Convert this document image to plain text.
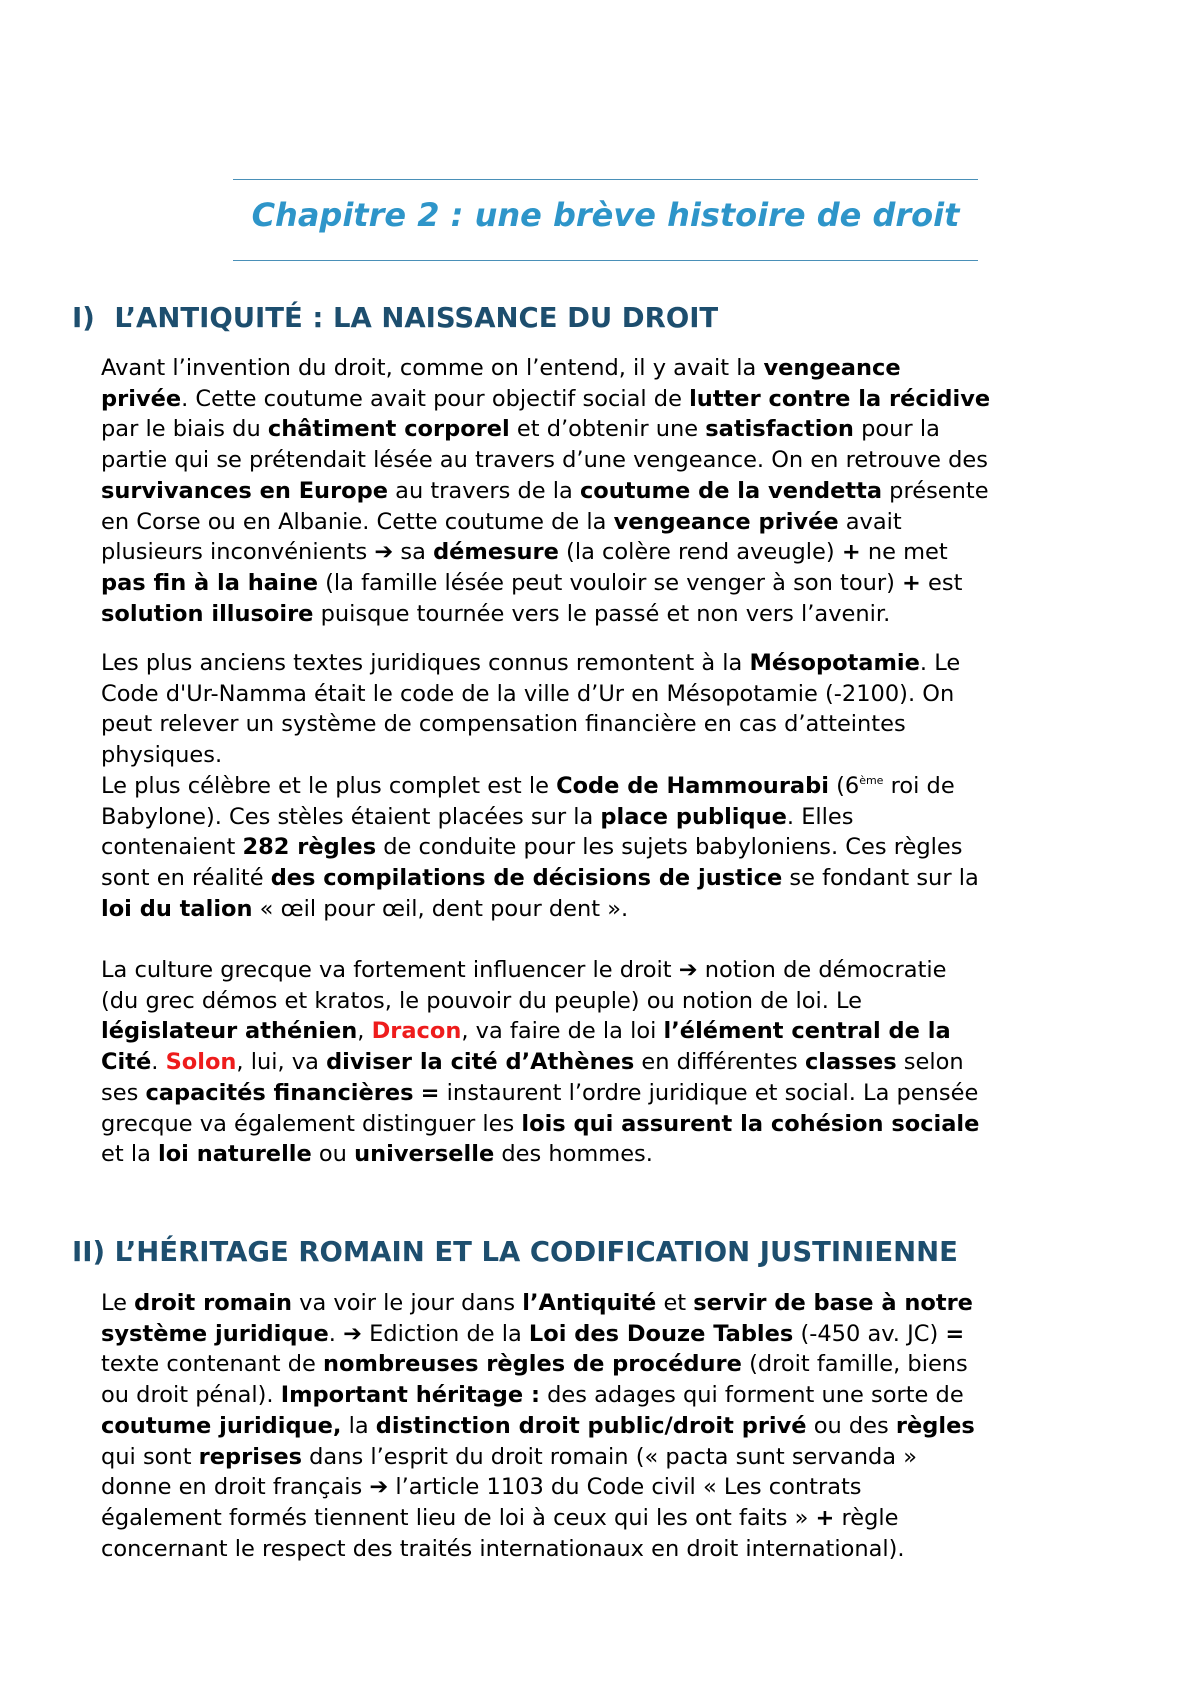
Chapitre 2 : une brève histoire de droit
I) L’ANTIQUITÉ : LA NAISSANCE DU DROIT
Avant l’invention du droit, comme on l’entend, il y avait la vengeance
privée. Cette coutume avait pour objectif social de lutter contre la récidive
par le biais du châtiment corporel et d’obtenir une satisfaction pour la
partie qui se prétendait lésée au travers d’une vengeance. On en retrouve des
survivances en Europe au travers de la coutume de la vendetta présente
en Corse ou en Albanie. Cette coutume de la vengeance privée avait
plusieurs inconvénients ➔ sa démesure (la colère rend aveugle) + ne met
pas fin à la haine (la famille lésée peut vouloir se venger à son tour) + est
solution illusoire puisque tournée vers le passé et non vers l’avenir.
Les plus anciens textes juridiques connus remontent à la Mésopotamie. Le
Code d'Ur-Namma était le code de la ville d’Ur en Mésopotamie (-2100). On
peut relever un système de compensation financière en cas d’atteintes
physiques.
Le plus célèbre et le plus complet est le Code de Hammourabi (6ème roi de
Babylone). Ces stèles étaient placées sur la place publique. Elles
contenaient 282 règles de conduite pour les sujets babyloniens. Ces règles
sont en réalité des compilations de décisions de justice se fondant sur la
loi du talion « œil pour œil, dent pour dent ».
La culture grecque va fortement influencer le droit ➔ notion de démocratie
(du grec démos et kratos, le pouvoir du peuple) ou notion de loi. Le
législateur athénien, Dracon, va faire de la loi l’élément central de la
Cité. Solon, lui, va diviser la cité d’Athènes en différentes classes selon
ses capacités financières = instaurent l’ordre juridique et social. La pensée
grecque va également distinguer les lois qui assurent la cohésion sociale
et la loi naturelle ou universelle des hommes.
II) L’HÉRITAGE ROMAIN ET LA CODIFICATION JUSTINIENNE
Le droit romain va voir le jour dans l’Antiquité et servir de base à notre
système juridique. ➔ Ediction de la Loi des Douze Tables (-450 av. JC) =
texte contenant de nombreuses règles de procédure (droit famille, biens
ou droit pénal). Important héritage : des adages qui forment une sorte de
coutume juridique, la distinction droit public/droit privé ou des règles
qui sont reprises dans l’esprit du droit romain (« pacta sunt servanda »
donne en droit français ➔ l’article 1103 du Code civil « Les contrats
également formés tiennent lieu de loi à ceux qui les ont faits » + règle
concernant le respect des traités internationaux en droit international).
